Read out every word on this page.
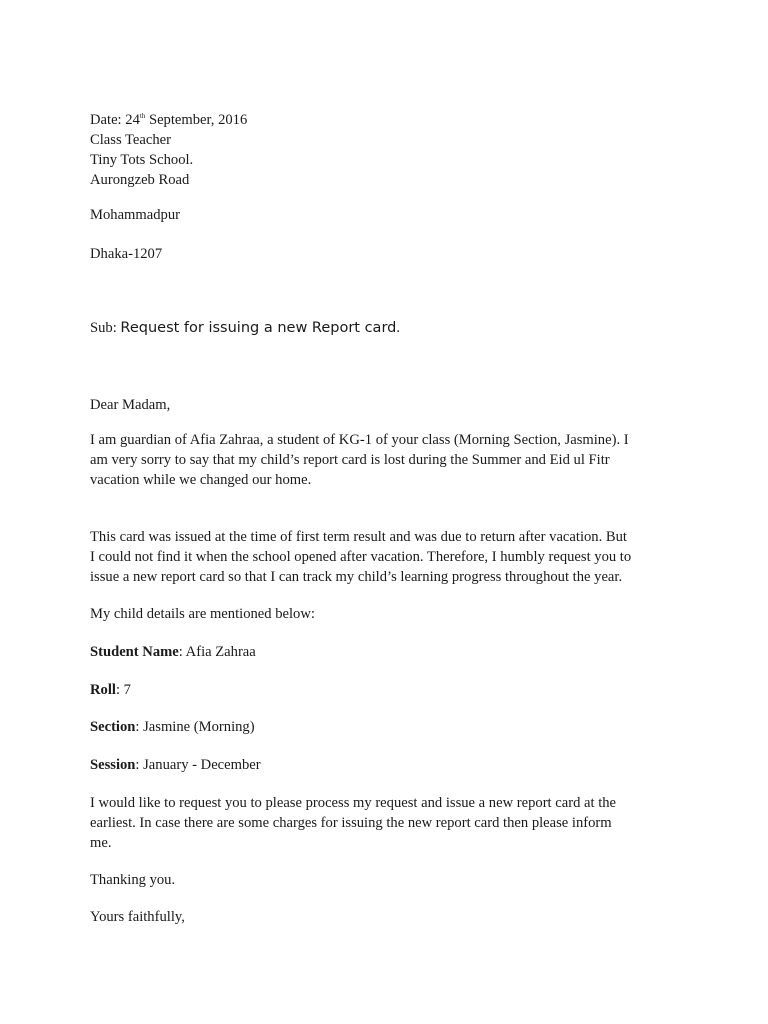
Date: 24th September, 2016
Class Teacher
Tiny Tots School.
Aurongzeb Road
Mohammadpur
Dhaka-1207
Sub: Request for issuing a new Report card.
Dear Madam,
I am guardian of Afia Zahraa, a student of KG-1 of your class (Morning Section, Jasmine). I
am very sorry to say that my child’s report card is lost during the Summer and Eid ul Fitr
vacation while we changed our home.
This card was issued at the time of first term result and was due to return after vacation. But
I could not find it when the school opened after vacation. Therefore, I humbly request you to
issue a new report card so that I can track my child’s learning progress throughout the year.
My child details are mentioned below:
Student Name: Afia Zahraa
Roll: 7
Section: Jasmine (Morning)
Session: January - December
I would like to request you to please process my request and issue a new report card at the
earliest. In case there are some charges for issuing the new report card then please inform
me.
Thanking you.
Yours faithfully,
